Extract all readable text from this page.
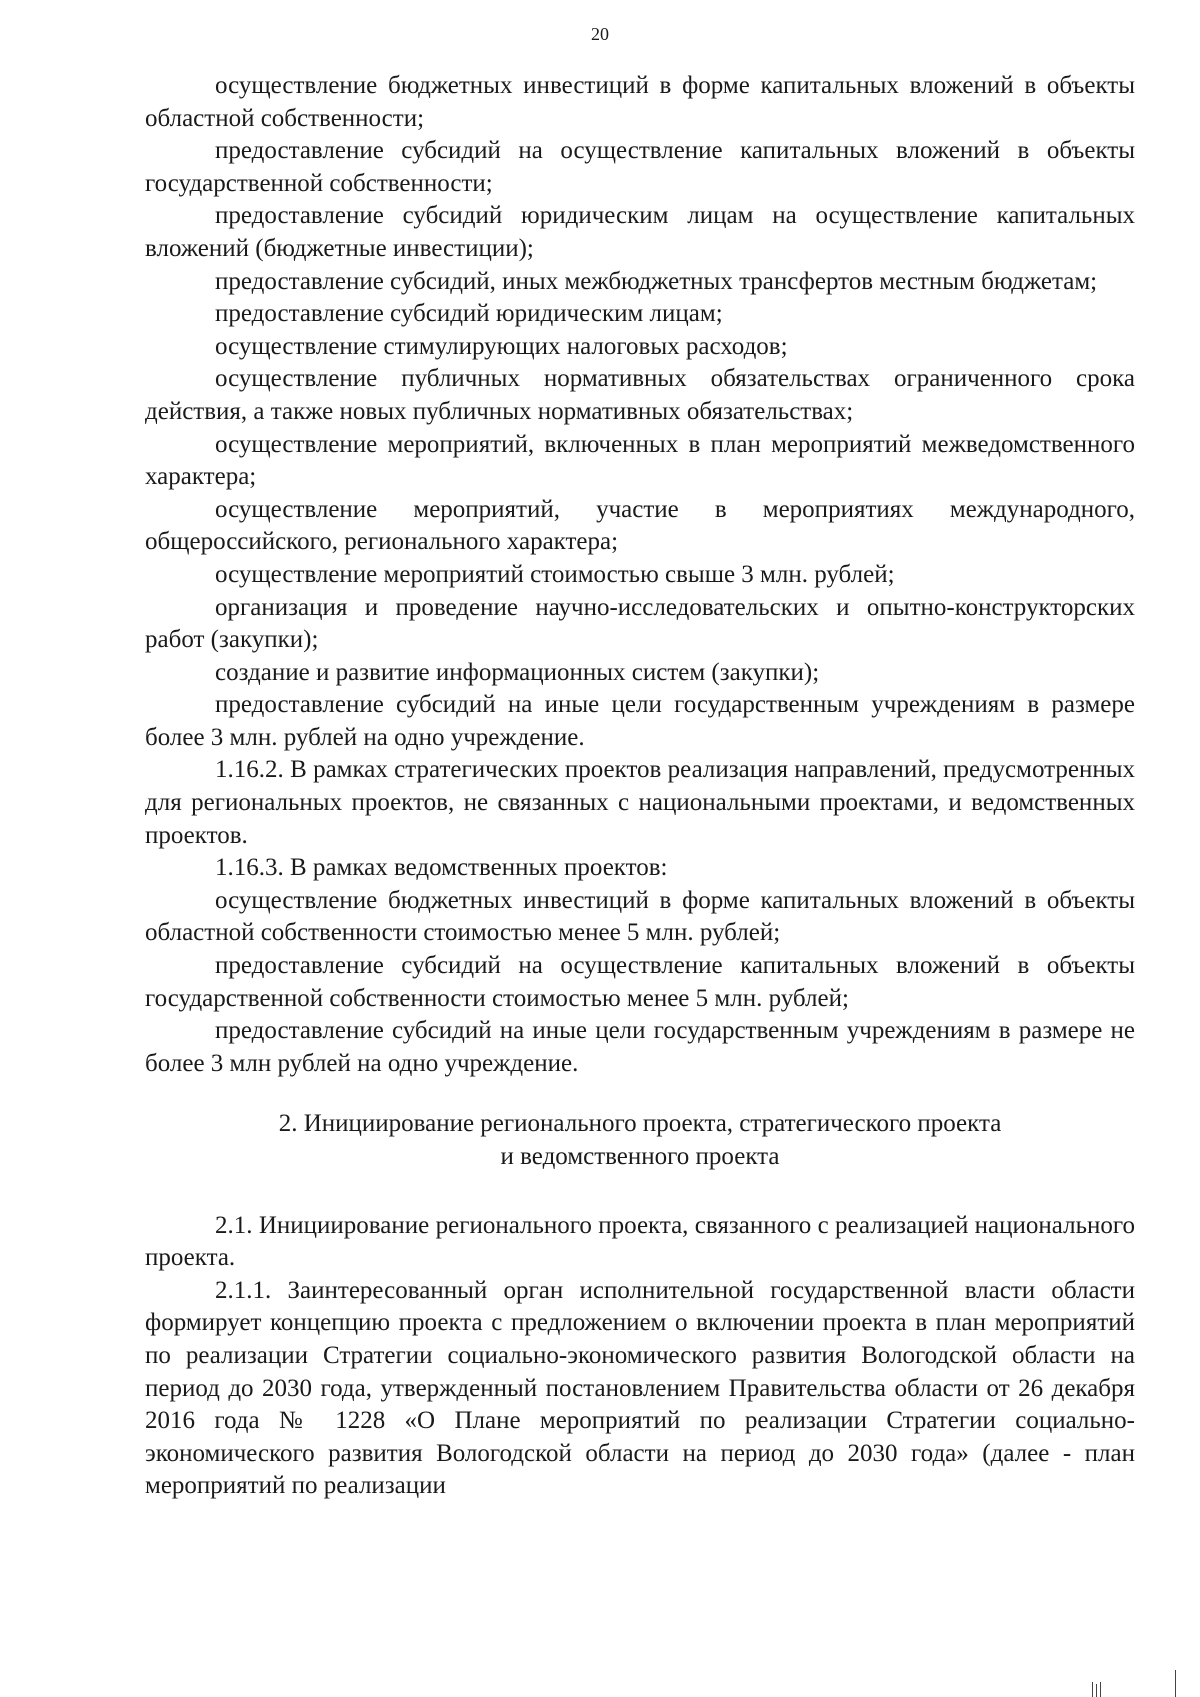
20

осуществление бюджетных инвестиций в форме капитальных вложений в объекты областной собственности;

предоставление субсидий на осуществление капитальных вложений в объекты государственной собственности;

предоставление субсидий юридическим лицам на осуществление капитальных вложений (бюджетные инвестиции);

предоставление субсидий, иных межбюджетных трансфертов местным бюджетам;

предоставление субсидий юридическим лицам;

осуществление стимулирующих налоговых расходов;

осуществление публичных нормативных обязательствах ограниченного срока действия, а также новых публичных нормативных обязательствах;

осуществление мероприятий, включенных в план мероприятий межведомственного характера;

осуществление мероприятий, участие в мероприятиях международного, общероссийского, регионального характера;

осуществление мероприятий стоимостью свыше 3 млн. рублей;

организация и проведение научно-исследовательских и опытно-конструкторских работ (закупки);

создание и развитие информационных систем (закупки);

предоставление субсидий на иные цели государственным учреждениям в размере более 3 млн. рублей на одно учреждение.

1.16.2. В рамках стратегических проектов реализация направлений, предусмотренных для региональных проектов, не связанных с национальными проектами, и ведомственных проектов.

1.16.3. В рамках ведомственных проектов:

осуществление бюджетных инвестиций в форме капитальных вложений в объекты областной собственности стоимостью менее 5 млн. рублей;

предоставление субсидий на осуществление капитальных вложений в объекты государственной собственности стоимостью менее 5 млн. рублей;

предоставление субсидий на иные цели государственным учреждениям в размере не более 3 млн рублей на одно учреждение.

2. Инициирование регионального проекта, стратегического проекта
и ведомственного проекта

2.1. Инициирование регионального проекта, связанного с реализацией национального проекта.

2.1.1. Заинтересованный орган исполнительной государственной власти области формирует концепцию проекта с предложением о включении проекта в план мероприятий по реализации Стратегии социально-экономического развития Вологодской области на период до 2030 года, утвержденный постановлением Правительства области от 26 декабря 2016 года № 1228 «О Плане мероприятий по реализации Стратегии социально-экономического развития Вологодской области на период до 2030 года» (далее - план мероприятий по реализации
